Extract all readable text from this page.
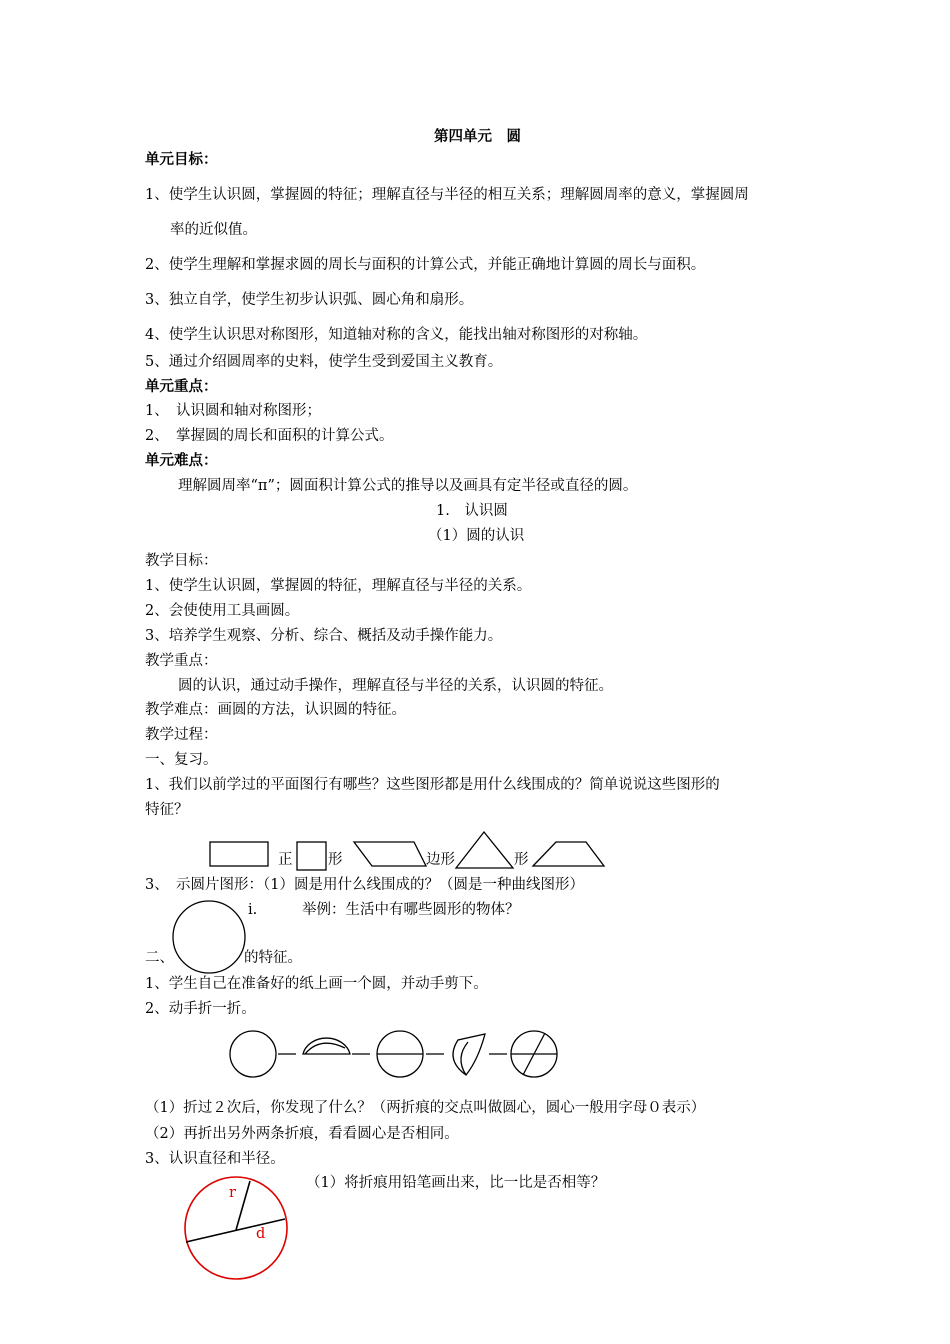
第四单元　圆
单元目标：
1、使学生认识圆，掌握圆的特征；理解直径与半径的相互关系；理解圆周率的意义，掌握圆周
率的近似值。
2、使学生理解和掌握求圆的周长与面积的计算公式，并能正确地计算圆的周长与面积。
3、独立自学，使学生初步认识弧、圆心角和扇形。
4、使学生认识思对称图形，知道轴对称的含义，能找出轴对称图形的对称轴。
5、通过介绍圆周率的史料，使学生受到爱国主义教育。
单元重点：
1、　认识圆和轴对称图形；
2、　掌握圆的周长和面积的计算公式。
单元难点：
理解圆周率“π”；圆面积计算公式的推导以及画具有定半径或直径的圆。
1.　认识圆
（1）圆的认识
教学目标：
1、使学生认识圆，掌握圆的特征，理解直径与半径的关系。
2、会使使用工具画圆。
3、培养学生观察、分析、综合、概括及动手操作能力。
教学重点：
圆的认识，通过动手操作，理解直径与半径的关系，认识圆的特征。
教学难点：画圆的方法，认识圆的特征。
教学过程：
一、复习。
1、我们以前学过的平面图行有哪些？这些图形都是用什么线围成的？简单说说这些图形的
特征？
正 形	边形	形
3、　示圆片图形：（1）圆是用什么线围成的？（圆是一种曲线图形）
i.	举例：生活中有哪些圆形的物体？
二、	的特征。
1、学生自己在准备好的纸上画一个圆，并动手剪下。
2、动手折一折。
（1）折过２次后，你发现了什么？（两折痕的交点叫做圆心，圆心一般用字母０表示）
（2）再折出另外两条折痕，看看圆心是否相同。
3、认识直径和半径。
（1）将折痕用铅笔画出来，比一比是否相等？
r
d
